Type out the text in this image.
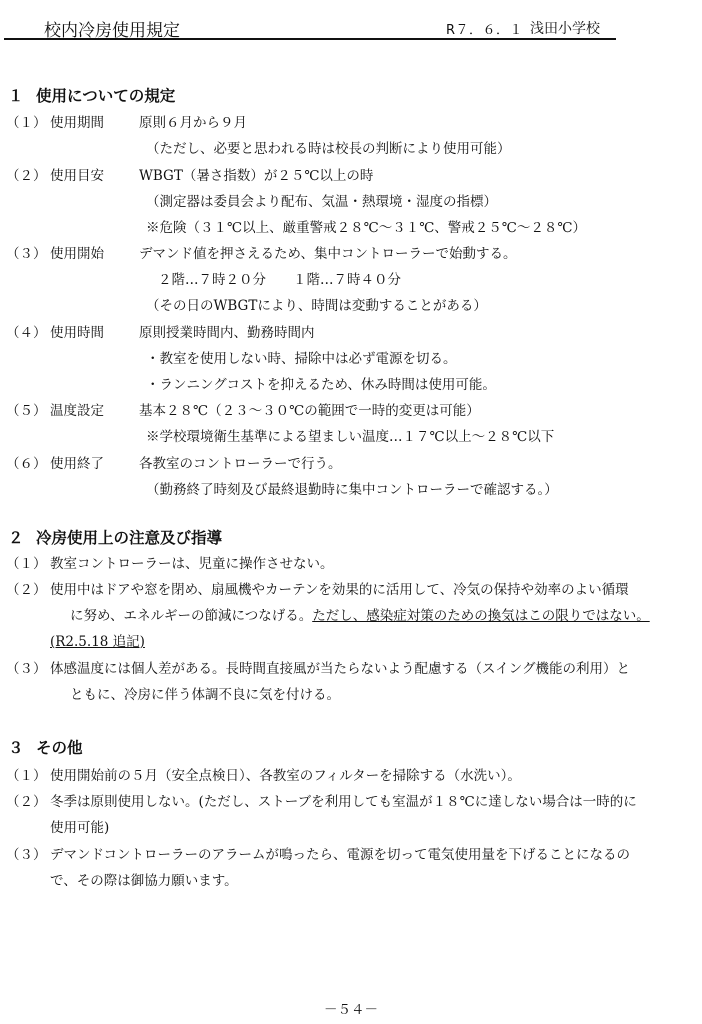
校内冷房使用規定	R７．６．１ 浅田小学校
１ 使用についての規定
（１） 使用期間	原則６月から９月
（ただし、必要と思われる時は校長の判断により使用可能）
（２） 使用目安	WBGT（暑さ指数）が２５℃以上の時
（測定器は委員会より配布、気温・熱環境・湿度の指標）
※危険（３１℃以上、厳重警戒２８℃～３１℃、警戒２５℃～２８℃）
（３） 使用開始	デマンド値を押さえるため、集中コントローラーで始動する。
２階…７時２０分　　１階…７時４０分
（その日のWBGTにより、時間は変動することがある）
（４） 使用時間	原則授業時間内、勤務時間内
・教室を使用しない時、掃除中は必ず電源を切る。
・ランニングコストを抑えるため、休み時間は使用可能。
（５） 温度設定	基本２８℃（２３～３０℃の範囲で一時的変更は可能）
※学校環境衛生基準による望ましい温度…１７℃以上～２８℃以下
（６） 使用終了	各教室のコントローラーで行う。
（勤務終了時刻及び最終退勤時に集中コントローラーで確認する。）
２ 冷房使用上の注意及び指導
（１） 教室コントローラーは、児童に操作させない。
（２） 使用中はドアや窓を閉め、扇風機やカーテンを効果的に活用して、冷気の保持や効率のよい循環
に努め、エネルギーの節減につなげる。ただし、感染症対策のための換気はこの限りではない。
(R2.5.18 追記)
（３） 体感温度には個人差がある。長時間直接風が当たらないよう配慮する（スイング機能の利用）と
ともに、冷房に伴う体調不良に気を付ける。
３ その他
（１） 使用開始前の５月（安全点検日）、各教室のフィルターを掃除する（水洗い）。
（２） 冬季は原則使用しない。(ただし、ストーブを利用しても室温が１８℃に達しない場合は一時的に
使用可能)
（３） デマンドコントローラーのアラームが鳴ったら、電源を切って電気使用量を下げることになるの
で、その際は御協力願います。
－５４－
